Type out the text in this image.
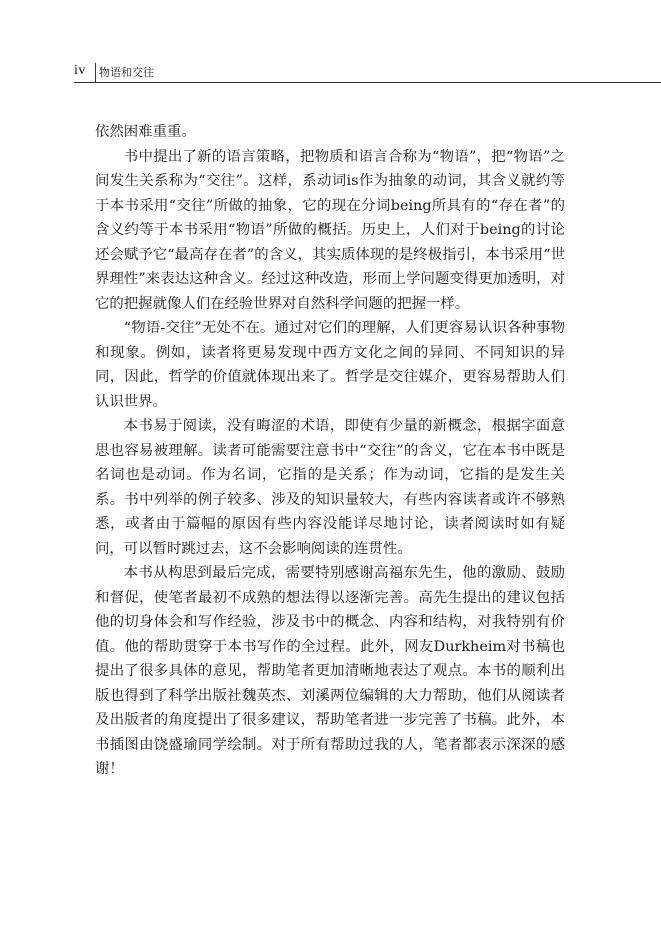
iv 物语和交往

依然困难重重。

书中提出了新的语言策略，把物质和语言合称为“物语”，把“物语”之间发生关系称为“交往”。这样，系动词is作为抽象的动词，其含义就约等于本书采用“交往”所做的抽象，它的现在分词being所具有的“存在者”的含义约等于本书采用“物语”所做的概括。历史上，人们对于being的讨论还会赋予它“最高存在者”的含义，其实质体现的是终极指引，本书采用“世界理性”来表达这种含义。经过这种改造，形而上学问题变得更加透明，对它的把握就像人们在经验世界对自然科学问题的把握一样。

“物语-交往”无处不在。通过对它们的理解，人们更容易认识各种事物和现象。例如，读者将更易发现中西方文化之间的异同、不同知识的异同，因此，哲学的价值就体现出来了。哲学是交往媒介，更容易帮助人们认识世界。

本书易于阅读，没有晦涩的术语，即使有少量的新概念，根据字面意思也容易被理解。读者可能需要注意书中“交往”的含义，它在本书中既是名词也是动词。作为名词，它指的是关系；作为动词，它指的是发生关系。书中列举的例子较多、涉及的知识量较大，有些内容读者或许不够熟悉，或者由于篇幅的原因有些内容没能详尽地讨论，读者阅读时如有疑问，可以暂时跳过去，这不会影响阅读的连贯性。

本书从构思到最后完成，需要特别感谢高福东先生，他的激励、鼓励和督促，使笔者最初不成熟的想法得以逐渐完善。高先生提出的建议包括他的切身体会和写作经验，涉及书中的概念、内容和结构，对我特别有价值。他的帮助贯穿于本书写作的全过程。此外，网友Durkheim对书稿也提出了很多具体的意见，帮助笔者更加清晰地表达了观点。本书的顺利出版也得到了科学出版社魏英杰、刘溪两位编辑的大力帮助，他们从阅读者及出版者的角度提出了很多建议，帮助笔者进一步完善了书稿。此外，本书插图由饶盛瑜同学绘制。对于所有帮助过我的人，笔者都表示深深的感谢！
